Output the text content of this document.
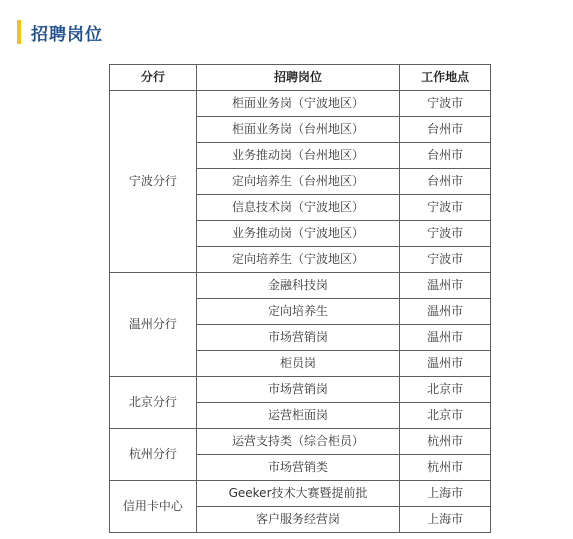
招聘岗位
分行	招聘岗位	工作地点
宁波分行	柜面业务岗（宁波地区）	宁波市
	柜面业务岗（台州地区）	台州市
	业务推动岗（台州地区）	台州市
	定向培养生（台州地区）	台州市
	信息技术岗（宁波地区）	宁波市
	业务推动岗（宁波地区）	宁波市
	定向培养生（宁波地区）	宁波市
温州分行	金融科技岗	温州市
	定向培养生	温州市
	市场营销岗	温州市
	柜员岗	温州市
北京分行	市场营销岗	北京市
	运营柜面岗	北京市
杭州分行	运营支持类（综合柜员）	杭州市
	市场营销类	杭州市
信用卡中心	Geeker技术大赛暨提前批	上海市
	客户服务经营岗	上海市
